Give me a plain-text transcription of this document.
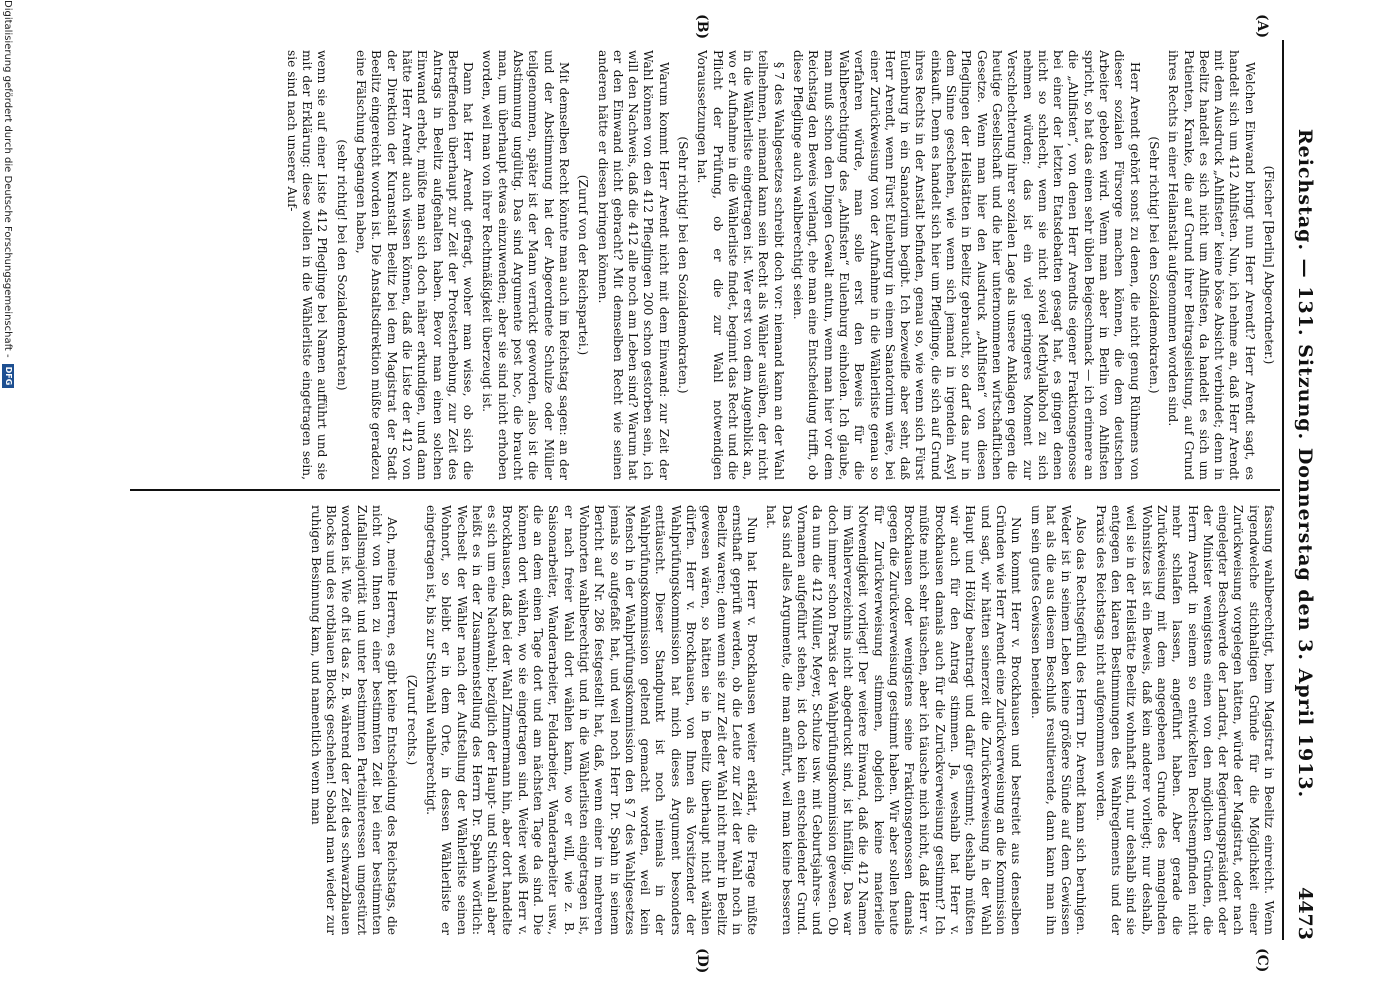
Reichstag. — 131. Sitzung. Donnerstag den 3. April 1913.
4473
(A)
(B)
(C)
(D)

(Fischer [Berlin] Abgeordneter.)

Welchen Einwand bringt nun Herr Arendt? Herr Arendt sagt, es handelt sich um 412 Ahlfisten. Nun, ich nehme an, daß Herr Arendt mit dem Ausdruck „Ahlfisten“ keine böse Absicht verbindet; denn in Beelitz handelt es sich nicht um Ahlfisten, da handelt es sich um Patienten, Kranke, die auf Grund ihrer Beitragsleistung, auf Grund ihres Rechts in einer Heilanstalt aufgenommen worden sind.

(Sehr richtig! bei den Sozialdemokraten.)

Herr Arendt gehört sonst zu denen, die nicht genug Rühmens von dieser sozialen Fürsorge machen können, die dem deutschen Arbeiter geboten wird. Wenn man aber in Berlin von Ahlfisten spricht, so hat das einen sehr üblen Beigeschmack — ich erinnere an die „Ahlfisten“, von denen Herr Arendts eigener Fraktionsgenosse bei einer der letzten Etatsdebatten gesagt hat, es gingen denen nicht so schlecht, wenn sie nicht soviel Methylalkohol zu sich nehmen würden; das ist ein viel geringeres Moment zur Verschlechterung ihrer sozialen Lage als unsere Anklagen gegen die heutige Gesellschaft und die hier unternommenen wirtschaftlichen Gesetze. Wenn man hier den Ausdruck „Ahlfisten“ von diesen Pfleglingen der Heilstätten in Beelitz gebraucht, so darf das nur in dem Sinne geschehen, wie wenn sich jemand in irgendein Asyl einkauft. Denn es handelt sich hier um Pfleglinge, die sich auf Grund ihres Rechts in der Anstalt befinden, genau so, wie wenn sich Fürst Eulenburg in ein Sanatorium begibt. Ich bezweifle aber sehr, daß Herr Arendt, wenn Fürst Eulenburg in einem Sanatorium wäre, bei einer Zurückweisung von der Aufnahme in die Wählerliste genau so verfahren würde, man solle erst den Beweis für die Wahlberechtigung des „Ahlfisten“ Eulenburg einholen. Ich glaube, man muß schon den Dingen Gewalt antun, wenn man hier vor dem Reichstag den Beweis verlangt, ehe man eine Entscheidung trifft, ob diese Pfleglinge auch wahlberechtigt seien.

§ 7 des Wahlgesetzes schreibt doch vor: niemand kann an der Wahl teilnehmen, niemand kann sein Recht als Wähler ausüben, der nicht in die Wählerliste eingetragen ist. Wer erst von dem Augenblick an, wo er Aufnahme in die Wählerliste findet, beginnt das Recht und die Pflicht der Prüfung, ob er die zur Wahl notwendigen Voraussetzungen hat.

(Sehr richtig! bei den Sozialdemokraten.)

Warum kommt Herr Arendt nicht mit dem Einwand: zur Zeit der Wahl können von den 412 Pfleglingen 200 schon gestorben sein, ich will den Nachweis, daß die 412 alle noch am Leben sind? Warum hat er den Einwand nicht gebracht? Mit demselben Recht wie seinen anderen hätte er diesen bringen können.

(Zuruf von der Reichspartei.)

Mit demselben Recht könnte man auch im Reichstag sagen: an der und der Abstimmung hat der Abgeordnete Schulze oder Müller teilgenommen, später ist der Mann verrückt geworden, also ist die Abstimmung ungültig. Das sind Argumente post hoc, die braucht man, um überhaupt etwas einzuwenden; aber sie sind nicht erhoben worden, weil man von ihrer Rechtmäßigkeit überzeugt ist.

Dann hat Herr Arendt gefragt, woher man wisse, ob sich die Betreffenden überhaupt zur Zeit der Protesterhebung, zur Zeit des Antrags in Beelitz aufgehalten haben. Bevor man einen solchen Einwand erhebt, müßte man sich doch näher erkundigen, und dann hätte Herr Arendt auch wissen können, daß die Liste der 412 von der Direktion der Kuranstalt Beelitz bei dem Magistrat der Stadt Beelitz eingereicht worden ist. Die Anstaltsdirektion müßte geradezu eine Fälschung begangen haben,

(sehr richtig! bei den Sozialdemokraten)

wenn sie auf einer Liste 412 Pfleglinge bei Namen aufführt und sie mit der Erklärung: diese wollen in die Wählerliste eingetragen sein, sie sind nach unserer Auf-

fassung wahlberechtigt, beim Magistrat in Beelitz einreicht. Wenn irgendwelche stichhaltigen Gründe für die Möglichkeit einer Zurückweisung vorgelegen hätten, würde der Magistrat, oder nach eingelegter Beschwerde der Landrat, der Regierungspräsident oder der Minister wenigstens einen von den möglichen Gründen, die Herrn Arendt in seinem so entwickelten Rechtsempfinden nicht mehr schlafen lassen, angeführt haben. Aber gerade die Zurückweisung mit dem angegebenen Grunde des mangelnden Wohnsitzes ist ein Beweis, daß kein anderer vorliegt; nur deshalb, weil sie in der Heilstätte Beelitz wohnhaft sind, nur deshalb sind sie entgegen den klaren Bestimmungen des Wahlreglements und der Praxis des Reichstags nicht aufgenommen worden.

Also das Rechtsgefühl des Herrn Dr. Arendt kann sich beruhigen. Weder ist in seinem Leben keine größere Sünde auf dem Gewissen hat als die aus diesem Beschluß resultierende, dann kann man ihn um sein gutes Gewissen beneiden.

Nun kommt Herr v. Brockhausen und bestreitet aus denselben Gründen wie Herr Arendt eine Zurückverweisung an die Kommission und sagt, wir hätten seinerzeit die Zurückverweisung in der Wahl Haupt und Hölzig beantragt und dafür gestimmt; deshalb müßten wir auch für den Antrag stimmen. Ja, weshalb hat Herr v. Brockhausen damals auch für die Zurückverweisung gestimmt? Ich müßte mich sehr täuschen, aber ich täusche mich nicht, daß Herr v. Brockhausen oder wenigstens seine Fraktionsgenossen damals gegen die Zurückverweisung gestimmt haben. Wir aber sollen heute für Zurückverweisung stimmen, obgleich keine materielle Notwendigkeit vorliegt! Der weitere Einwand, daß die 412 Namen im Wählerverzeichnis nicht abgedruckt sind, ist hinfällig. Das war doch immer schon Praxis der Wahlprüfungskommission gewesen. Ob da nun die 412 Müller, Meyer, Schulze usw. mit Geburtsjahres- und Vornamen aufgeführt stehen, ist doch kein entscheidender Grund. Das sind alles Argumente, die man anführt, weil man keine besseren hat.

Nun hat Herr v. Brockhausen weiter erklärt, die Frage müßte ernsthaft geprüft werden, ob die Leute zur Zeit der Wahl noch in Beelitz waren; denn wenn sie zur Zeit der Wahl nicht mehr in Beelitz gewesen wären, so hätten sie in Beelitz überhaupt nicht wählen dürfen. Herr v. Brockhausen, von Ihnen als Vorsitzender der Wahlprüfungskommission hat mich dieses Argument besonders enttäuscht. Dieser Standpunkt ist noch niemals in der Wahlprüfungskommission geltend gemacht worden, weil kein Mensch in der Wahlprüfungskommission den § 7 des Wahlgesetzes jemals so aufgefaßt hat, und weil noch Herr Dr. Spahn in seinem Bericht auf Nr. 286 festgestellt hat, daß, wenn einer in mehreren Wohnorten wahlberechtigt und in die Wählerlisten eingetragen ist, er nach freier Wahl dort wählen kann, wo er will, wie z. B. Saisonarbeiter, Wanderarbeiter, Feldarbeiter, Wanderarbeiter usw., die an dem einen Tage dort und am nächsten Tage da sind. Die können dort wählen, wo sie eingetragen sind. Weiter weiß Herr v. Brockhausen, daß bei der Wahl Zimmermann hin, aber dort handelte es sich um eine Nachwahl; bezüglich der Haupt- und Stichwahl aber heißt es in der Zusammenstellung des Herrn Dr. Spahn wörtlich: Wechselt der Wähler nach der Aufstellung der Wählerliste seinen Wohnort, so bleibt er in dem Orte, in dessen Wählerliste er eingetragen ist, bis zur Stichwahl wahlberechtigt.

(Zuruf rechts.)

Ach, meine Herren, es gibt keine Entscheidung des Reichstags, die nicht von Ihnen zu einer bestimmten Zeit bei einer bestimmten Zufallsmajorität und unter bestimmten Parteiinteressen umgestürzt worden ist. Wie oft ist das z. B. während der Zeit des schwarzblauen Blocks und des rotblauen Blocks geschehen! Sobald man wieder zur ruhigen Besinnung kam, und namentlich wenn man

Digitalisierung gefördert durch die Deutsche Forschungsgemeinschaft -
DFG
